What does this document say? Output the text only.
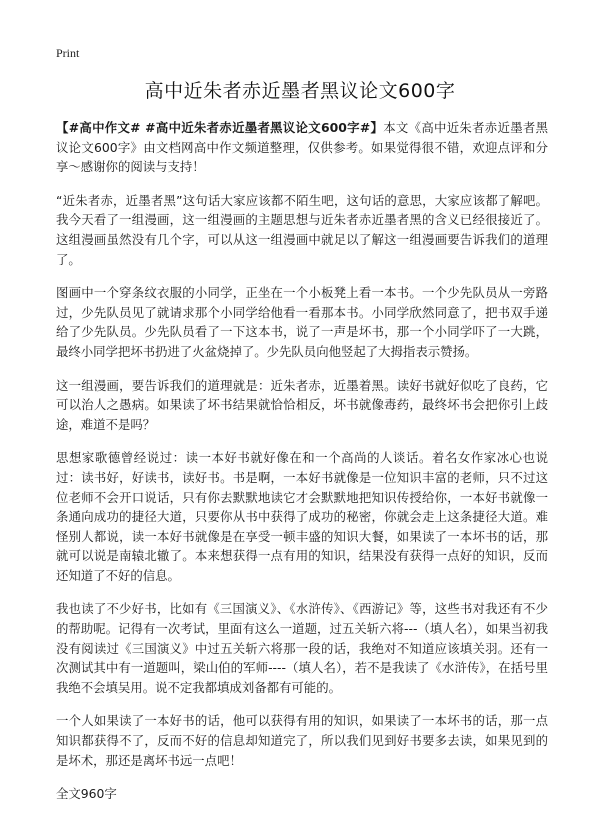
Print
高中近朱者赤近墨者黑议论文600字

【#高中作文# #高中近朱者赤近墨者黑议论文600字#】本文《高中近朱者赤近墨者黑议论文600字》由文档网高中作文频道整理，仅供参考。如果觉得很不错，欢迎点评和分享～感谢你的阅读与支持！

“近朱者赤，近墨者黑”这句话大家应该都不陌生吧，这句话的意思，大家应该都了解吧。我今天看了一组漫画，这一组漫画的主题思想与近朱者赤近墨者黑的含义已经很接近了。这组漫画虽然没有几个字，可以从这一组漫画中就足以了解这一组漫画要告诉我们的道理了。

图画中一个穿条纹衣服的小同学，正坐在一个小板凳上看一本书。一个少先队员从一旁路过，少先队员见了就请求那个小同学给他看一看那本书。小同学欣然同意了，把书双手递给了少先队员。少先队员看了一下这本书，说了一声是坏书，那一个小同学吓了一大跳，最终小同学把坏书扔进了火盆烧掉了。少先队员向他竖起了大拇指表示赞扬。

这一组漫画，要告诉我们的道理就是：近朱者赤，近墨着黑。读好书就好似吃了良药，它可以治人之愚病。如果读了坏书结果就恰恰相反，坏书就像毒药，最终坏书会把你引上歧途，难道不是吗？

思想家歌德曾经说过：读一本好书就好像在和一个高尚的人谈话。着名女作家冰心也说过：读书好，好读书，读好书。书是啊，一本好书就像是一位知识丰富的老师，只不过这位老师不会开口说话，只有你去默默地读它才会默默地把知识传授给你，一本好书就像一条通向成功的捷径大道，只要你从书中获得了成功的秘密，你就会走上这条捷径大道。难怪别人都说，读一本好书就像是在享受一顿丰盛的知识大餐，如果读了一本坏书的话，那就可以说是南辕北辙了。本来想获得一点有用的知识，结果没有获得一点好的知识，反而还知道了不好的信息。

我也读了不少好书，比如有《三国演义》、《水浒传》、《西游记》等，这些书对我还有不少的帮助呢。记得有一次考试，里面有这么一道题，过五关斩六将---（填人名），如果当初我没有阅读过《三国演义》中过五关斩六将那一段的话，我绝对不知道应该填关羽。还有一次测试其中有一道题叫，梁山伯的军师----（填人名），若不是我读了《水浒传》，在括号里我绝不会填吴用。说不定我都填成刘备都有可能的。

一个人如果读了一本好书的话，他可以获得有用的知识，如果读了一本坏书的话，那一点知识都获得不了，反而不好的信息却知道完了，所以我们见到好书要多去读，如果见到的是坏术，那还是离坏书远一点吧！

全文960字
